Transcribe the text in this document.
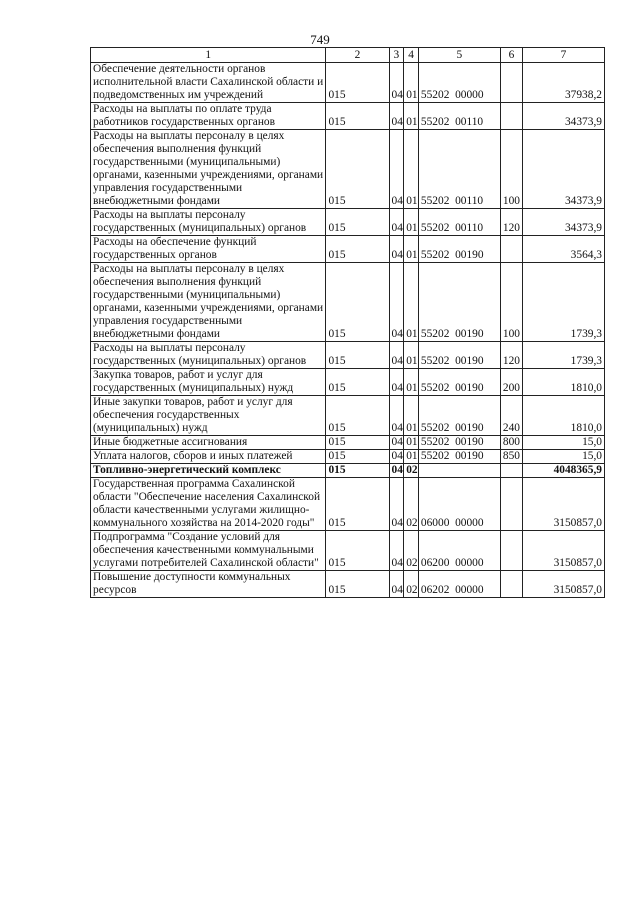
749
1	2	3	4	5	6	7
Обеспечение деятельности органов исполнительной власти Сахалинской области и подведомственных им учреждений	015	04	01	55202  00000		37938,2
Расходы на выплаты по оплате труда работников государственных органов	015	04	01	55202  00110		34373,9
Расходы на выплаты персоналу в целях обеспечения выполнения функций государственными (муниципальными) органами, казенными учреждениями, органами управления государственными внебюджетными фондами	015	04	01	55202  00110	100	34373,9
Расходы на выплаты персоналу государственных (муниципальных) органов	015	04	01	55202  00110	120	34373,9
Расходы на обеспечение функций государственных органов	015	04	01	55202  00190		3564,3
Расходы на выплаты персоналу в целях обеспечения выполнения функций государственными (муниципальными) органами, казенными учреждениями, органами управления государственными внебюджетными фондами	015	04	01	55202  00190	100	1739,3
Расходы на выплаты персоналу государственных (муниципальных) органов	015	04	01	55202  00190	120	1739,3
Закупка товаров, работ и услуг для государственных (муниципальных) нужд	015	04	01	55202  00190	200	1810,0
Иные закупки товаров, работ и услуг для обеспечения государственных (муниципальных) нужд	015	04	01	55202  00190	240	1810,0
Иные бюджетные ассигнования	015	04	01	55202  00190	800	15,0
Уплата налогов, сборов и иных платежей	015	04	01	55202  00190	850	15,0
Топливно-энергетический комплекс	015	04	02			4048365,9
Государственная программа Сахалинской области "Обеспечение населения Сахалинской области качественными услугами жилищно-коммунального хозяйства на 2014-2020 годы"	015	04	02	06000  00000		3150857,0
Подпрограмма "Создание условий для обеспечения качественными коммунальными услугами потребителей Сахалинской области"	015	04	02	06200  00000		3150857,0
Повышение доступности коммунальных ресурсов	015	04	02	06202  00000		3150857,0
